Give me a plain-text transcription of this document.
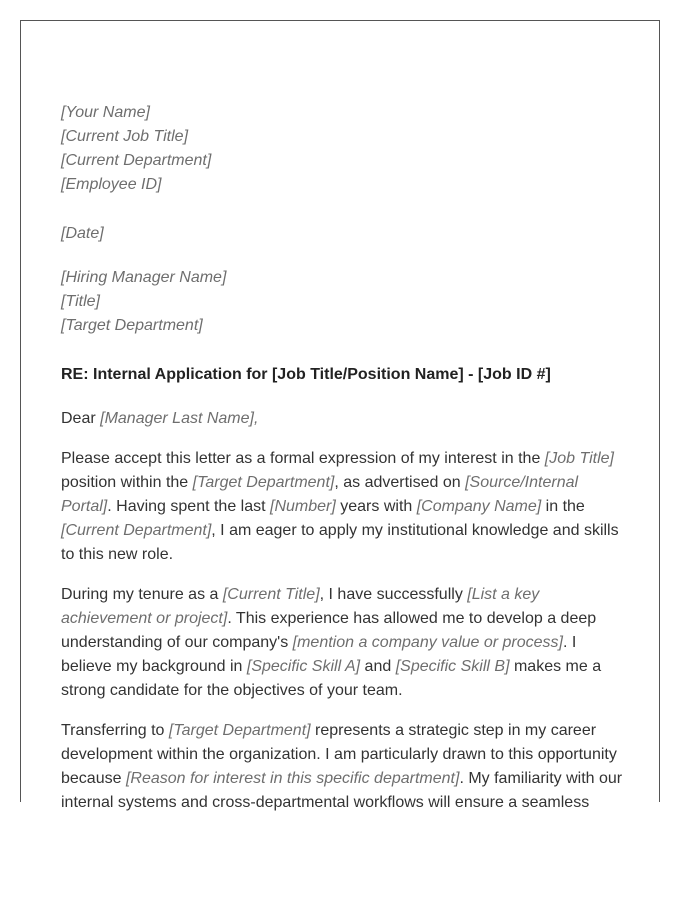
[Your Name]
[Current Job Title]
[Current Department]
[Employee ID]
[Date]
[Hiring Manager Name]
[Title]
[Target Department]
RE: Internal Application for [Job Title/Position Name] - [Job ID #]

Dear [Manager Last Name],

Please accept this letter as a formal expression of my interest in the [Job Title] position within the [Target Department], as advertised on [Source/Internal Portal]. Having spent the last [Number] years with [Company Name] in the [Current Department], I am eager to apply my institutional knowledge and skills to this new role.

During my tenure as a [Current Title], I have successfully [List a key achievement or project]. This experience has allowed me to develop a deep understanding of our company's [mention a company value or process]. I believe my background in [Specific Skill A] and [Specific Skill B] makes me a strong candidate for the objectives of your team.

Transferring to [Target Department] represents a strategic step in my career development within the organization. I am particularly drawn to this opportunity because [Reason for interest in this specific department]. My familiarity with our internal systems and cross-departmental workflows will ensure a seamless
